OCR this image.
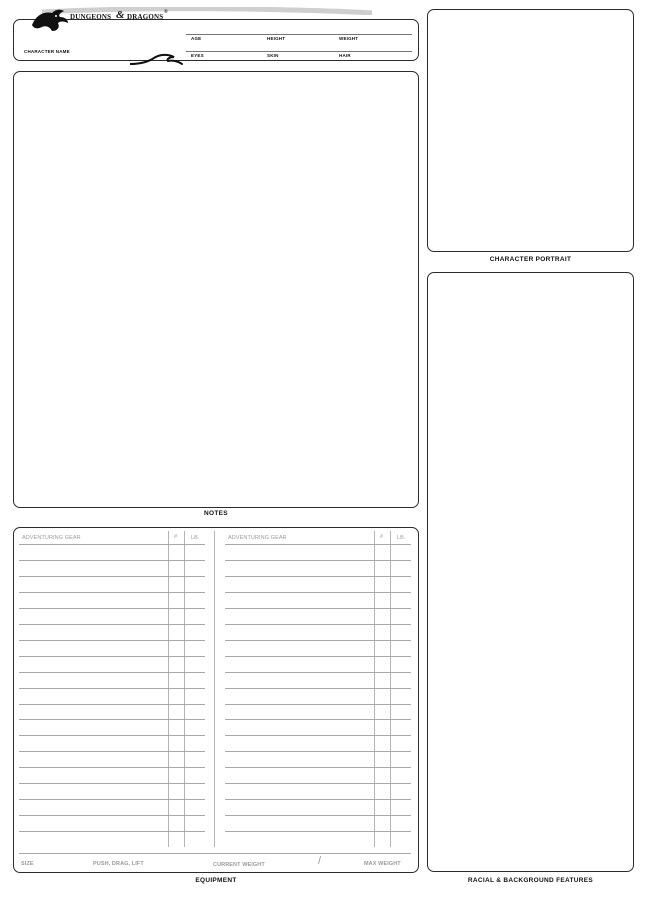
DUNGEONS & DRAGONS
®
CHARACTER NAME
AGE	HEIGHT	WEIGHT
EYES	SKIN	HAIR
NOTES
CHARACTER PORTRAIT
RACIAL & BACKGROUND FEATURES
EQUIPMENT
ADVENTURING GEAR	#	LB.	ADVENTURING GEAR	#	LB.
SIZE	PUSH, DRAG, LIFT	CURRENT WEIGHT	/	MAX WEIGHT
